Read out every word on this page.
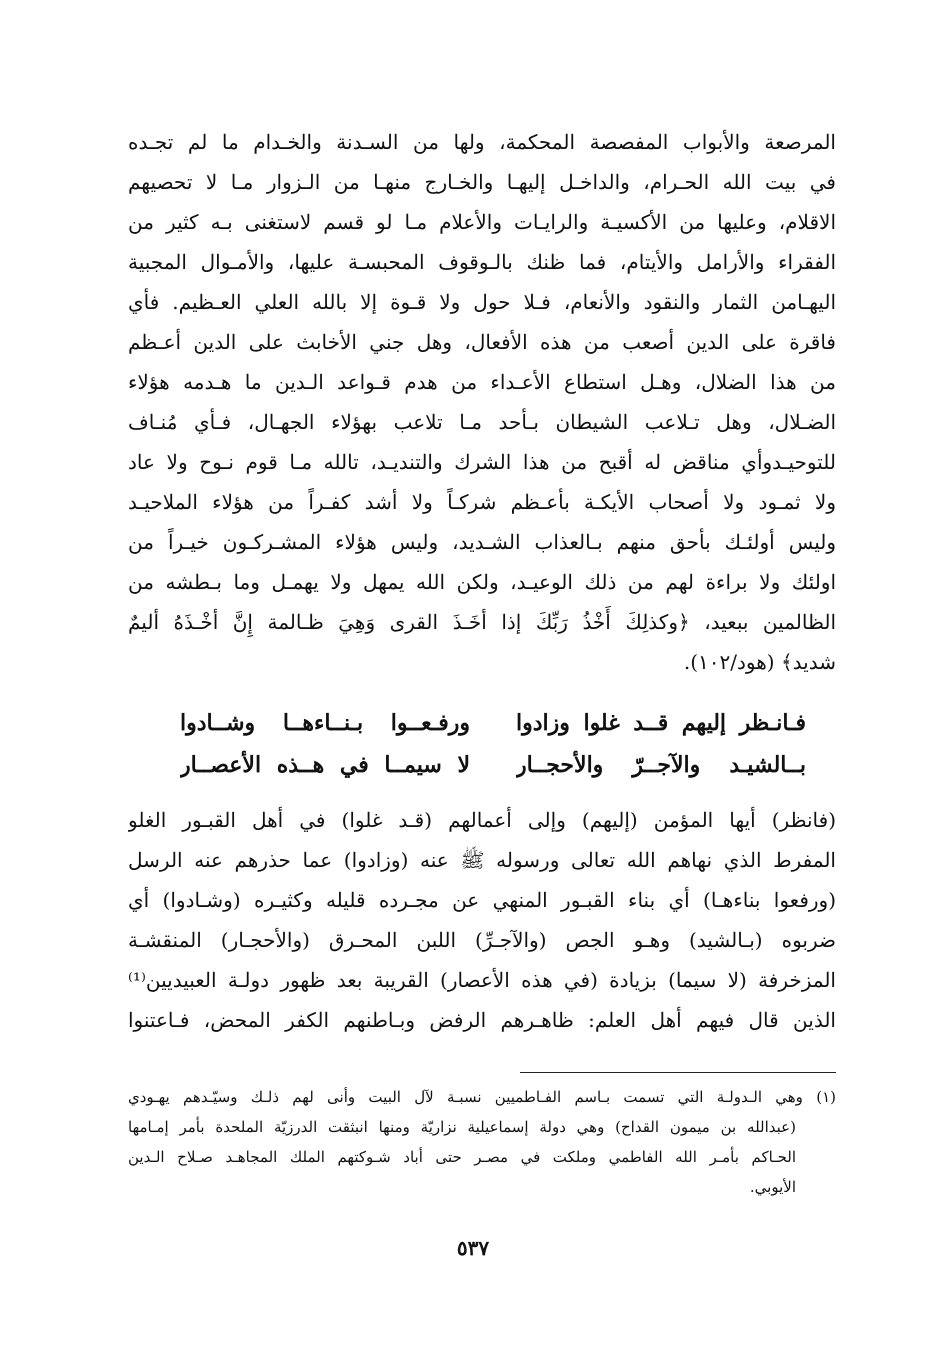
المرصعة والأبواب المفصصة المحكمة، ولها من السـدنة والخـدام ما لم تجـده
في بيت الله الحـرام، والداخـل إليهـا والخـارج منهـا من الـزوار مـا لا تحصيهم
الاقلام، وعليها من الأكسيـة والرايـات والأعلام مـا لو قسم لاستغنى بـه كثير من
الفقراء والأرامل والأيتام، فما ظنك بالـوقوف المحبسـة عليها، والأمـوال المجبية
اليهـامن الثمار والنقود والأنعام، فـلا حول ولا قـوة إلا بالله العلي العـظيم. فأي
فاقرة على الدين أصعب من هذه الأفعال، وهل جني الأخابث على الدين أعـظم
من هذا الضلال، وهـل استطاع الأعـداء من هدم قـواعد الـدين ما هـدمه هؤلاء
الضـلال، وهل تـلاعب الشيطان بـأحد مـا تلاعب بهؤلاء الجهـال، فـأي مُنـاف
للتوحيـدوأي مناقض له أقبح من هذا الشرك والتنديـد، تالله مـا قوم نـوح ولا عاد
ولا ثمـود ولا أصحاب الأيكـة بأعـظم شركـاً ولا أشد كفـراً من هؤلاء الملاحيـد
وليس أولئـك بأحق منهم بـالعذاب الشـديد، وليس هؤلاء المشـركـون خيـراً من
اولئك ولا براءة لهم من ذلك الوعيـد، ولكن الله يمهل ولا يهمـل وما بـطشه من
الظالمين ببعيد، ﴿وكذلِكَ أَخْذُ رَبِّكَ إذا أخَـذَ القرى وَهِيَ ظـالمة إِنَّ أخْـذَهُ أليمٌ
شديد﴾ (هود/١٠٢).
فـانـظر إليهم قــد غلوا وزادوا
ورفـعــوا بـنــاءهــا وشــادوا
بــالشيـد والآجــرّ والأحجــار
لا سيمــا في هــذه الأعصــار
(فانظر) أيها المؤمن (إليهم) وإلى أعمالهم (قـد غلوا) في أهل القبـور الغلو
المفرط الذي نهاهم الله تعالى ورسوله ﷺ عنه (وزادوا) عما حذرهم عنه الرسل
(ورفعوا بناءهـا) أي بناء القبـور المنهي عن مجـرده قليله وكثيـره (وشـادوا) أي
ضربوه (بـالشيد) وهـو الجص (والآجـرِّ) اللبن المحـرق (والأحجـار) المنقشـة
المزخرفة (لا سيما) بزيادة (في هذه الأعصار) القريبة بعد ظهور دولـة العبيديين⁽¹⁾
الذين قال فيهم أهل العلم: ظاهـرهم الرفض وبـاطنهم الكفر المحض، فـاعتنوا
(١) وهي الـدولـة التي تسمت بـاسم الفـاطميين نسبـة لآل البيت وأنى لهم ذلـك وسيّـدهم يهـودي
(عبدالله بن ميمون القداح) وهي دولة إسماعيلية نزاريّة ومنها انبثقت الدرزيّة الملحدة بأمر إمـامها
الحـاكم بأمـر الله الفاطمي وملكت في مصـر حتى أباد شـوكتهم الملك المجاهـد صـلاح الـدين
الأيوبي.
٥٣٧
